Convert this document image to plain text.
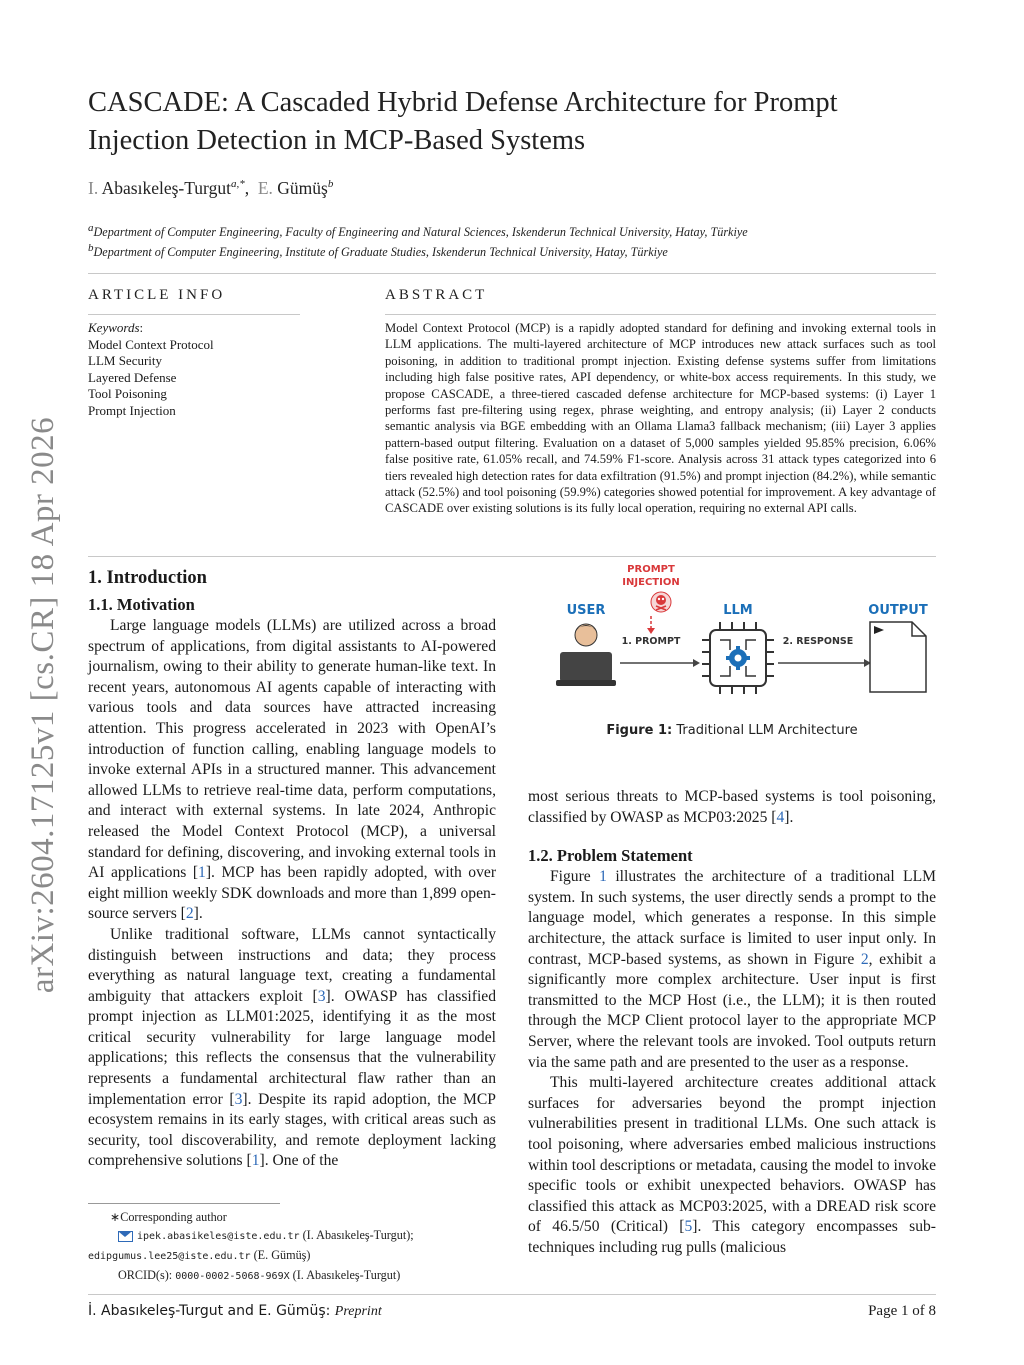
arXiv:2604.17125v1 [cs.CR] 18 Apr 2026
CASCADE: A Cascaded Hybrid Defense Architecture for Prompt Injection Detection in MCP-Based Systems
I. Abasıkeleş-Turgut$^{a,*}$, E. Gümüş$^b$
$^a$Department of Computer Engineering, Faculty of Engineering and Natural Sciences, Iskenderun Technical University, Hatay, Türkiye
$^b$Department of Computer Engineering, Institute of Graduate Studies, Iskenderun Technical University, Hatay, Türkiye
ARTICLE INFO
Keywords:
Model Context Protocol
LLM Security
Layered Defense
Tool Poisoning
Prompt Injection
ABSTRACT
Model Context Protocol (MCP) is a rapidly adopted standard for defining and invoking external tools in LLM applications. The multi-layered architecture of MCP introduces new attack surfaces such as tool poisoning, in addition to traditional prompt injection. Existing defense systems suffer from limitations including high false positive rates, API dependency, or white-box access requirements. In this study, we propose CASCADE, a three-tiered cascaded defense architecture for MCP-based systems: (i) Layer 1 performs fast pre-filtering using regex, phrase weighting, and entropy analysis; (ii) Layer 2 conducts semantic analysis via BGE embedding with an Ollama Llama3 fallback mechanism; (iii) Layer 3 applies pattern-based output filtering. Evaluation on a dataset of 5,000 samples yielded 95.85% precision, 6.06% false positive rate, 61.05% recall, and 74.59% F1-score. Analysis across 31 attack types categorized into 6 tiers revealed high detection rates for data exfiltration (91.5%) and prompt injection (84.2%), while semantic attack (52.5%) and tool poisoning (59.9%) categories showed potential for improvement. A key advantage of CASCADE over existing solutions is its fully local operation, requiring no external API calls.
1. Introduction
1.1. Motivation

Large language models (LLMs) are utilized across a broad spectrum of applications, from digital assistants to AI-powered journalism, owing to their ability to generate human-like text. In recent years, autonomous AI agents capable of interacting with various tools and data sources have attracted increasing attention. This progress accelerated in 2023 with OpenAI’s introduction of function calling, enabling language models to invoke external APIs in a structured manner. This advancement allowed LLMs to retrieve real-time data, perform computations, and interact with external systems. In late 2024, Anthropic released the Model Context Protocol (MCP), a universal standard for defining, discovering, and invoking external tools in AI applications [1]. MCP has been rapidly adopted, with over eight million weekly SDK downloads and more than 1,899 open-source servers [2].

Unlike traditional software, LLMs cannot syntactically distinguish between instructions and data; they process everything as natural language text, creating a fundamental ambiguity that attackers exploit [3]. OWASP has classified prompt injection as LLM01:2025, identifying it as the most critical security vulnerability for large language model applications; this reflects the consensus that the vulnerability represents a fundamental architectural flaw rather than an implementation error [3]. Despite its rapid adoption, the MCP ecosystem remains in its early stages, with critical areas such as security, tool discoverability, and remote deployment lacking comprehensive solutions [1]. One of the

PROMPT
INJECTION
USER
1. PROMPT
LLM
2. RESPONSE
OUTPUT
Figure 1: Traditional LLM Architecture

most serious threats to MCP-based systems is tool poisoning, classified by OWASP as MCP03:2025 [4].

1.2. Problem Statement

Figure 1 illustrates the architecture of a traditional LLM system. In such systems, the user directly sends a prompt to the language model, which generates a response. In this simple architecture, the attack surface is limited to user input only. In contrast, MCP-based systems, as shown in Figure 2, exhibit a significantly more complex architecture. User input is first transmitted to the MCP Host (i.e., the LLM); it is then routed through the MCP Client protocol layer to the appropriate MCP Server, where the relevant tools are invoked. Tool outputs return via the same path and are presented to the user as a response.

This multi-layered architecture creates additional attack surfaces for adversaries beyond the prompt injection vulnerabilities present in traditional LLMs. One such attack is tool poisoning, where adversaries embed malicious instructions within tool descriptions or metadata, causing the model to invoke specific tools or exhibit unexpected behaviors. OWASP has classified this attack as MCP03:2025, with a DREAD risk score of 46.5/50 (Critical) [5]. This category encompasses sub-techniques including rug pulls (malicious

∗Corresponding author
ipek.abasikeles@iste.edu.tr (I. Abasıkeleş-Turgut);
edipgumus.lee25@iste.edu.tr (E. Gümüş)
ORCID(s): 0000-0002-5068-969X (I. Abasıkeleş-Turgut)
İ. Abasıkeleş-Turgut and E. Gümüş: Preprint	Page 1 of 8
